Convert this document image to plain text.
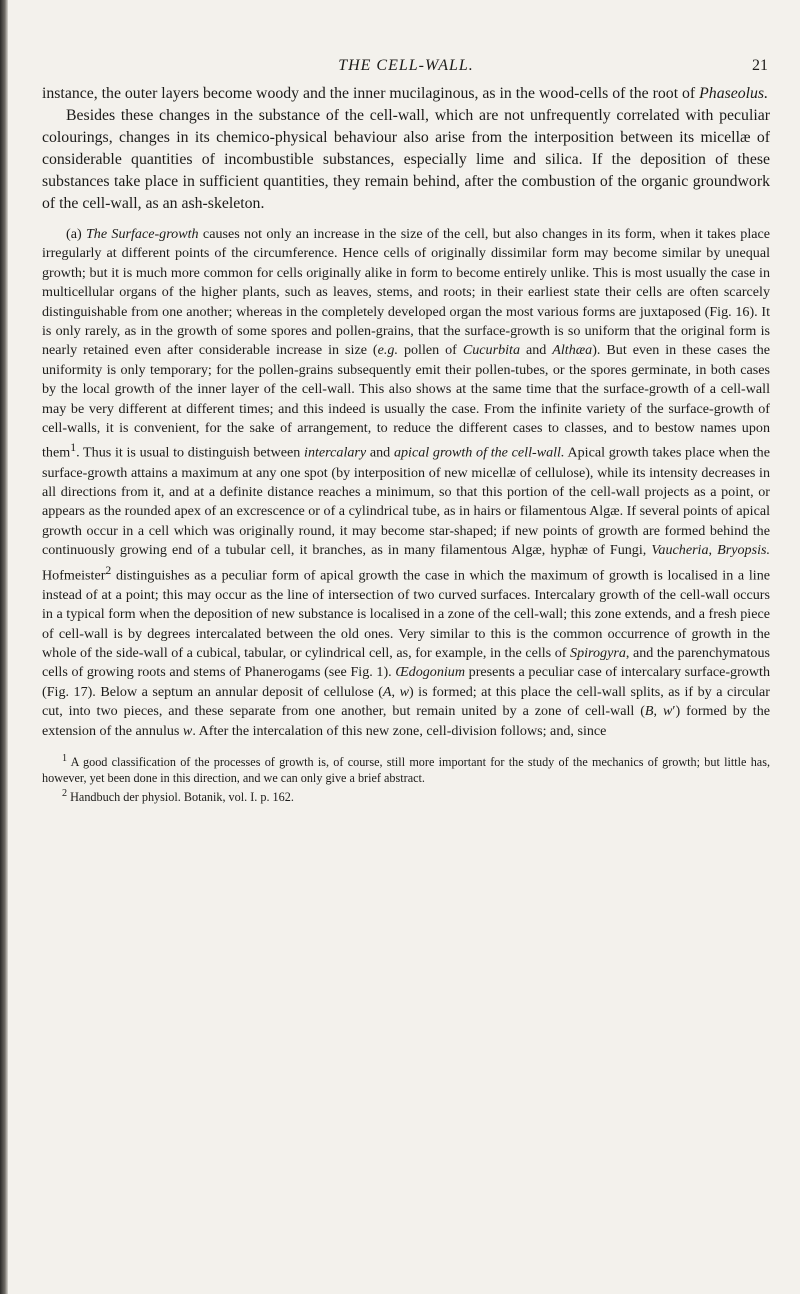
THE CELL-WALL.	21

instance, the outer layers become woody and the inner mucilaginous, as in the wood-cells of the root of Phaseolus.

Besides these changes in the substance of the cell-wall, which are not unfrequently correlated with peculiar colourings, changes in its chemico-physical behaviour also arise from the interposition between its micellæ of considerable quantities of incombustible substances, especially lime and silica. If the deposition of these substances take place in sufficient quantities, they remain behind, after the combustion of the organic groundwork of the cell-wall, as an ash-skeleton.

(a) The Surface-growth causes not only an increase in the size of the cell, but also changes in its form, when it takes place irregularly at different points of the circumference. Hence cells of originally dissimilar form may become similar by unequal growth; but it is much more common for cells originally alike in form to become entirely unlike. This is most usually the case in multicellular organs of the higher plants, such as leaves, stems, and roots; in their earliest state their cells are often scarcely distinguishable from one another; whereas in the completely developed organ the most various forms are juxtaposed (Fig. 16). It is only rarely, as in the growth of some spores and pollen-grains, that the surface-growth is so uniform that the original form is nearly retained even after considerable increase in size (e.g. pollen of Cucurbita and Althæa). But even in these cases the uniformity is only temporary; for the pollen-grains subsequently emit their pollen-tubes, or the spores germinate, in both cases by the local growth of the inner layer of the cell-wall. This also shows at the same time that the surface-growth of a cell-wall may be very different at different times; and this indeed is usually the case. From the infinite variety of the surface-growth of cell-walls, it is convenient, for the sake of arrangement, to reduce the different cases to classes, and to bestow names upon them$^1$. Thus it is usual to distinguish between intercalary and apical growth of the cell-wall. Apical growth takes place when the surface-growth attains a maximum at any one spot (by interposition of new micellæ of cellulose), while its intensity decreases in all directions from it, and at a definite distance reaches a minimum, so that this portion of the cell-wall projects as a point, or appears as the rounded apex of an excrescence or of a cylindrical tube, as in hairs or filamentous Algæ. If several points of apical growth occur in a cell which was originally round, it may become star-shaped; if new points of growth are formed behind the continuously growing end of a tubular cell, it branches, as in many filamentous Algæ, hyphæ of Fungi, Vaucheria, Bryopsis. Hofmeister$^2$ distinguishes as a peculiar form of apical growth the case in which the maximum of growth is localised in a line instead of at a point; this may occur as the line of intersection of two curved surfaces. Intercalary growth of the cell-wall occurs in a typical form when the deposition of new substance is localised in a zone of the cell-wall; this zone extends, and a fresh piece of cell-wall is by degrees intercalated between the old ones. Very similar to this is the common occurrence of growth in the whole of the side-wall of a cubical, tabular, or cylindrical cell, as, for example, in the cells of Spirogyra, and the parenchymatous cells of growing roots and stems of Phanerogams (see Fig. 1). Œdogonium presents a peculiar case of intercalary surface-growth (Fig. 17). Below a septum an annular deposit of cellulose (A, w) is formed; at this place the cell-wall splits, as if by a circular cut, into two pieces, and these separate from one another, but remain united by a zone of cell-wall (B, w′) formed by the extension of the annulus w. After the intercalation of this new zone, cell-division follows; and, since

$^1$ A good classification of the processes of growth is, of course, still more important for the study of the mechanics of growth; but little has, however, yet been done in this direction, and we can only give a brief abstract.

$^2$ Handbuch der physiol. Botanik, vol. I. p. 162.
